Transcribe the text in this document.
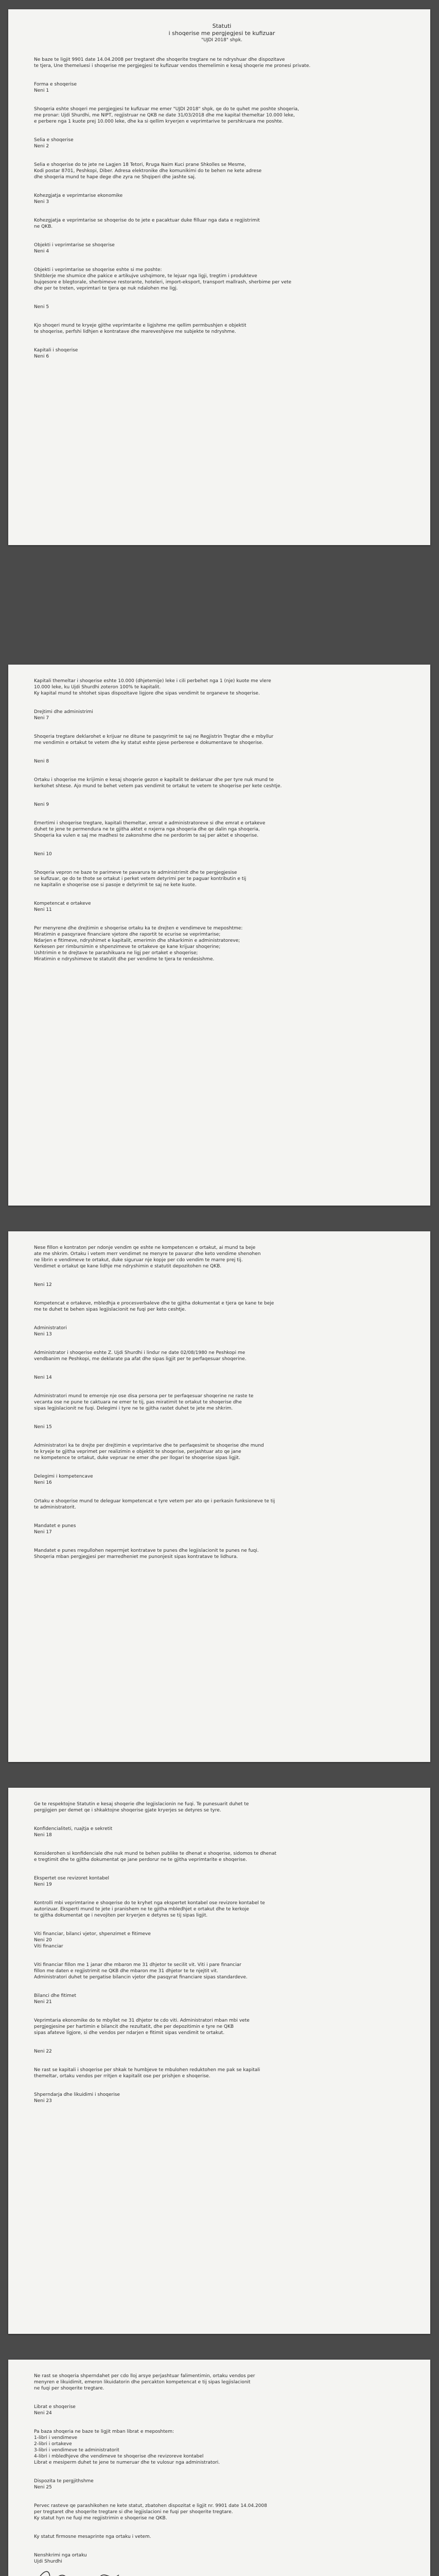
Statuti
i shoqerise me pergjegjesi te kufizuar
"UJDI 2018" shpk.
Ne baze te ligjit 9901 date 14.04.2008 per tregtaret dhe shoqerite tregtare ne te ndryshuar dhe dispozitave
te tjera, Une themeluesi i shoqerise me pergjegjesi te kufizuar vendos themelimin e kesaj shoqerie me pronesi private.
Forma e shoqerise
Neni 1
Shoqeria eshte shoqeri me pergjegjesi te kufizuar me emer "UJDI 2018" shpk, qe do te quhet me poshte shoqeria,
me pronar: Ujdi Shurdhi, me NIPT, regjistruar ne QKB ne date 31/03/2018 dhe me kapital themeltar 10.000 leke,
e perbere nga 1 kuote prej 10.000 leke, dhe ka si qellim kryerjen e veprimtarive te pershkruara me poshte.
Selia e shoqerise
Neni 2
Selia e shoqerise do te jete ne Lagjen 18 Tetori, Rruga Naim Kuci prane Shkolles se Mesme,
Kodi postar 8701, Peshkopi, Diber. Adresa elektronike dhe komunikimi do te behen ne kete adrese
dhe shoqeria mund te hape dege dhe zyra ne Shqiperi dhe jashte saj.
Kohezgjatja e veprimtarise ekonomike
Neni 3
Kohezgjatja e veprimtarise se shoqerise do te jete e pacaktuar duke filluar nga data e regjistrimit
ne QKB.
Objekti i veprimtarise se shoqerise
Neni 4
Objekti i veprimtarise se shoqerise eshte si me poshte:
Shitblerje me shumice dhe pakice e artikujve ushqimore, te lejuar nga ligji, tregtim i produkteve
bujqesore e blegtorale, sherbimeve restorante, hoteleri, import-eksport, transport mallrash, sherbime per vete
dhe per te treten, veprimtari te tjera qe nuk ndalohen me ligj.
Neni 5
Kjo shoqeri mund te kryeje gjithe veprimtarite e ligjshme me qellim permbushjen e objektit
te shoqerise, perfshi lidhjen e kontratave dhe mareveshjeve me subjekte te ndryshme.
Kapitali i shoqerise
Neni 6
Kapitali themeltar i shoqerise eshte 10.000 (dhjetemije) leke i cili perbehet nga 1 (nje) kuote me vlere
10.000 leke, ku Ujdi Shurdhi zoteron 100% te kapitalit.
Ky kapital mund te shtohet sipas dispozitave ligjore dhe sipas vendimit te organeve te shoqerise.
Drejtimi dhe administrimi
Neni 7
Shoqeria tregtare deklarohet e krijuar ne ditune te pasqyrimit te saj ne Regjistrin Tregtar dhe e mbyllur
me vendimin e ortakut te vetem dhe ky statut eshte pjese perberese e dokumentave te shoqerise.
Neni 8
Ortaku i shoqerise me krijimin e kesaj shoqerie gezon e kapitalit te deklaruar dhe per tyre nuk mund te
kerkohet shtese. Ajo mund te behet vetem pas vendimit te ortakut te vetem te shoqerise per kete ceshtje.
Neni 9
Emertimi i shoqerise tregtare, kapitali themeltar, emrat e administratoreve si dhe emrat e ortakeve
duhet te jene te permendura ne te gjitha aktet e nxjerra nga shoqeria dhe qe dalin nga shoqeria,
Shoqeria ka vulen e saj me madhesi te zakonshme dhe ne perdorim te saj per aktet e shoqerise.
Neni 10
Shoqeria vepron ne baze te parimeve te pavarura te administrimit dhe te pergjegjesise
se kufizuar, qe do te thote se ortakut i perket vetem detyrimi per te paguar kontributin e tij
ne kapitalin e shoqerise ose si pasoje e detyrimit te saj ne kete kuote.
Kompetencat e ortakeve
Neni 11
Per menyrene dhe drejtimin e shoqerise ortaku ka te drejten e vendimeve te meposhtme:
Miratimin e pasqyrave financiare vjetore dhe raportit te ecurise se veprimtarise;
Ndarjen e fitimeve, ndryshimet e kapitalit, emerimin dhe shkarkimin e administratoreve;
Kerkesen per rimbursimin e shpenzimeve te ortakeve qe kane krijuar shoqerine;
Ushtrimin e te drejtave te parashikuara ne ligj per ortaket e shoqerise;
Miratimin e ndryshimeve te statutit dhe per vendime te tjera te rendesishme.
Nese fillon e kontraton per ndonje vendim qe eshte ne kompetencen e ortakut, ai mund ta beje
ate me shkrim. Ortaku i vetem merr vendimet ne menyre te pavarur dhe keto vendime shenohen
ne librin e vendimeve te ortakut, duke siguruar nje kopje per cdo vendim te marre prej tij.
Vendimet e ortakut qe kane lidhje me ndryshimin e statutit depozitohen ne QKB.
Neni 12
Kompetencat e ortakeve, mbledhja e procesverbaleve dhe te gjitha dokumentat e tjera qe kane te beje
me te duhet te behen sipas legjislacionit ne fuqi per keto ceshtje.
Administratori
Neni 13
Administrator i shoqerise eshte Z. Ujdi Shurdhi i lindur ne date 02/08/1980 ne Peshkopi me
vendbanim ne Peshkopi, me deklarate pa afat dhe sipas ligjit per te perfaqesuar shoqerine.
Neni 14
Administratori mund te emeroje nje ose disa persona per te perfaqesuar shoqerine ne raste te
vecanta ose ne pune te caktuara ne emer te tij, pas miratimit te ortakut te shoqerise dhe
sipas legjislacionit ne fuqi. Delegimi i tyre ne te gjitha rastet duhet te jete me shkrim.
Neni 15
Administratori ka te drejte per drejtimin e veprimtarive dhe te perfaqesimit te shoqerise dhe mund
te kryeje te gjitha veprimet per realizimin e objektit te shoqerise, perjashtuar ato qe jane
ne kompetence te ortakut, duke vepruar ne emer dhe per llogari te shoqerise sipas ligjit.
Delegimi i kompetencave
Neni 16
Ortaku e shoqerise mund te deleguar kompetencat e tyre vetem per ato qe i perkasin funksioneve te tij
te administratorit.
Mandatet e punes
Neni 17
Mandatet e punes rregullohen nepermjet kontratave te punes dhe legjislacionit te punes ne fuqi.
Shoqeria mban pergjegjesi per marredheniet me punonjesit sipas kontratave te lidhura.
Ge te respektojne Statutin e kesaj shoqerie dhe legjislacionin ne fuqi. Te punesuarit duhet te
pergjigjen per demet qe i shkaktojne shoqerise gjate kryerjes se detyres se tyre.
Konfidencialiteti, ruajtja e sekretit
Neni 18
Konsiderohen si konfidenciale dhe nuk mund te behen publike te dhenat e shoqerise, sidomos te dhenat
e tregtimit dhe te gjitha dokumentat qe jane perdorur ne te gjitha veprimtarite e shoqerise.
Ekspertet ose revizoret kontabel
Neni 19
Kontrolli mbi veprimtarine e shoqerise do te kryhet nga ekspertet kontabel ose revizore kontabel te
autorizuar. Eksperti mund te jete i pranishem ne te gjitha mbledhjet e ortakut dhe te kerkoje
te gjitha dokumentat qe i nevojiten per kryerjen e detyres se tij sipas ligjit.
Viti financiar, bilanci vjetor, shpenzimet e fitimeve
Neni 20
Viti financiar
Viti financiar fillon me 1 janar dhe mbaron me 31 dhjetor te secilit vit. Viti i pare financiar
fillon me daten e regjistrimit ne QKB dhe mbaron me 31 dhjetor te te njejtit vit.
Administratori duhet te pergatise bilancin vjetor dhe pasqyrat financiare sipas standardeve.
Bilanci dhe fitimet
Neni 21
Veprimtaria ekonomike do te mbyllet ne 31 dhjetor te cdo viti. Administratori mban mbi vete
pergjegjesine per hartimin e bilancit dhe rezultatit, dhe per depozitimin e tyre ne QKB
sipas afateve ligjore, si dhe vendos per ndarjen e fitimit sipas vendimit te ortakut.
Neni 22
Ne rast se kapitali i shoqerise per shkak te humbjeve te mbulohen reduktohen me pak se kapitali
themeltar, ortaku vendos per rritjen e kapitalit ose per prishjen e shoqerise.
Shperndarja dhe likuidimi i shoqerise
Neni 23
Ne rast se shoqeria shperndahet per cdo lloj arsye perjashtuar falimentimin, ortaku vendos per
menyren e likuidimit, emeron likuidatorin dhe percakton kompetencat e tij sipas legjislacionit
ne fuqi per shoqerite tregtare.
Librat e shoqerise
Neni 24
Pa baza shoqeria ne baze te ligjit mban librat e meposhtem:
1-libri i vendimeve
2-libri i ortakeve
3-libri i vendimeve te administratorit
4-libri i mbledhjeve dhe vendimeve te shoqerise dhe revizoreve kontabel
Librat e mesiperm duhet te jene te numeruar dhe te vulosur nga administratori.
Dispozita te pergjithshme
Neni 25
Pervec rasteve qe parashikohen ne kete statut, zbatohen dispozitat e ligjit nr. 9901 date 14.04.2008
per tregtaret dhe shoqerite tregtare si dhe legjislacioni ne fuqi per shoqerite tregtare.
Ky statut hyn ne fuqi me regjistrimin e shoqerise ne QKB.
Ky statut firmosne mesaprinte nga ortaku i vetem.
Nenshkrimi nga ortaku
Ujdi Shurdhi
